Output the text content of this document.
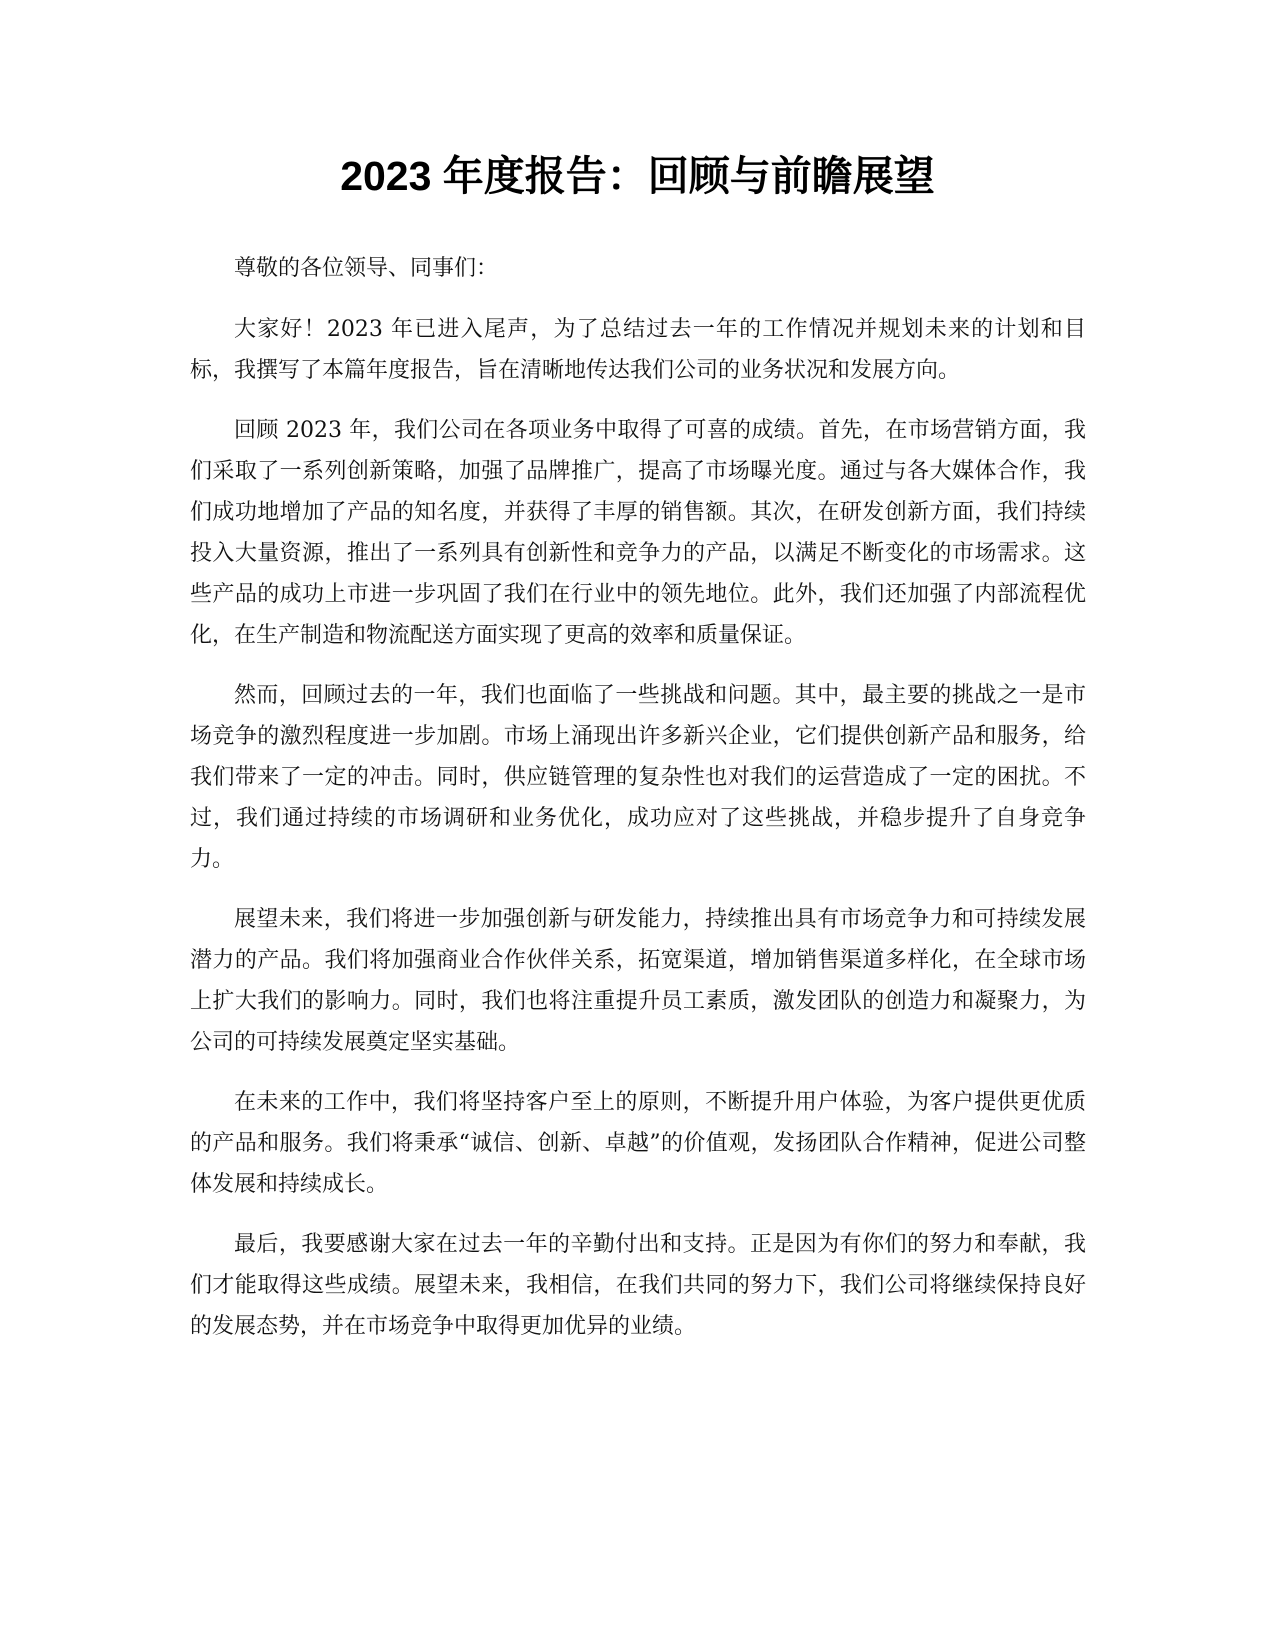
2023 年度报告：回顾与前瞻展望

尊敬的各位领导、同事们：

大家好！2023 年已进入尾声，为了总结过去一年的工作情况并规划未来的计划和目标，我撰写了本篇年度报告，旨在清晰地传达我们公司的业务状况和发展方向。

回顾 2023 年，我们公司在各项业务中取得了可喜的成绩。首先，在市场营销方面，我们采取了一系列创新策略，加强了品牌推广，提高了市场曝光度。通过与各大媒体合作，我们成功地增加了产品的知名度，并获得了丰厚的销售额。其次，在研发创新方面，我们持续投入大量资源，推出了一系列具有创新性和竞争力的产品，以满足不断变化的市场需求。这些产品的成功上市进一步巩固了我们在行业中的领先地位。此外，我们还加强了内部流程优化，在生产制造和物流配送方面实现了更高的效率和质量保证。

然而，回顾过去的一年，我们也面临了一些挑战和问题。其中，最主要的挑战之一是市场竞争的激烈程度进一步加剧。市场上涌现出许多新兴企业，它们提供创新产品和服务，给我们带来了一定的冲击。同时，供应链管理的复杂性也对我们的运营造成了一定的困扰。不过，我们通过持续的市场调研和业务优化，成功应对了这些挑战，并稳步提升了自身竞争力。

展望未来，我们将进一步加强创新与研发能力，持续推出具有市场竞争力和可持续发展潜力的产品。我们将加强商业合作伙伴关系，拓宽渠道，增加销售渠道多样化，在全球市场上扩大我们的影响力。同时，我们也将注重提升员工素质，激发团队的创造力和凝聚力，为公司的可持续发展奠定坚实基础。

在未来的工作中，我们将坚持客户至上的原则，不断提升用户体验，为客户提供更优质的产品和服务。我们将秉承“诚信、创新、卓越”的价值观，发扬团队合作精神，促进公司整体发展和持续成长。

最后，我要感谢大家在过去一年的辛勤付出和支持。正是因为有你们的努力和奉献，我们才能取得这些成绩。展望未来，我相信，在我们共同的努力下，我们公司将继续保持良好的发展态势，并在市场竞争中取得更加优异的业绩。
